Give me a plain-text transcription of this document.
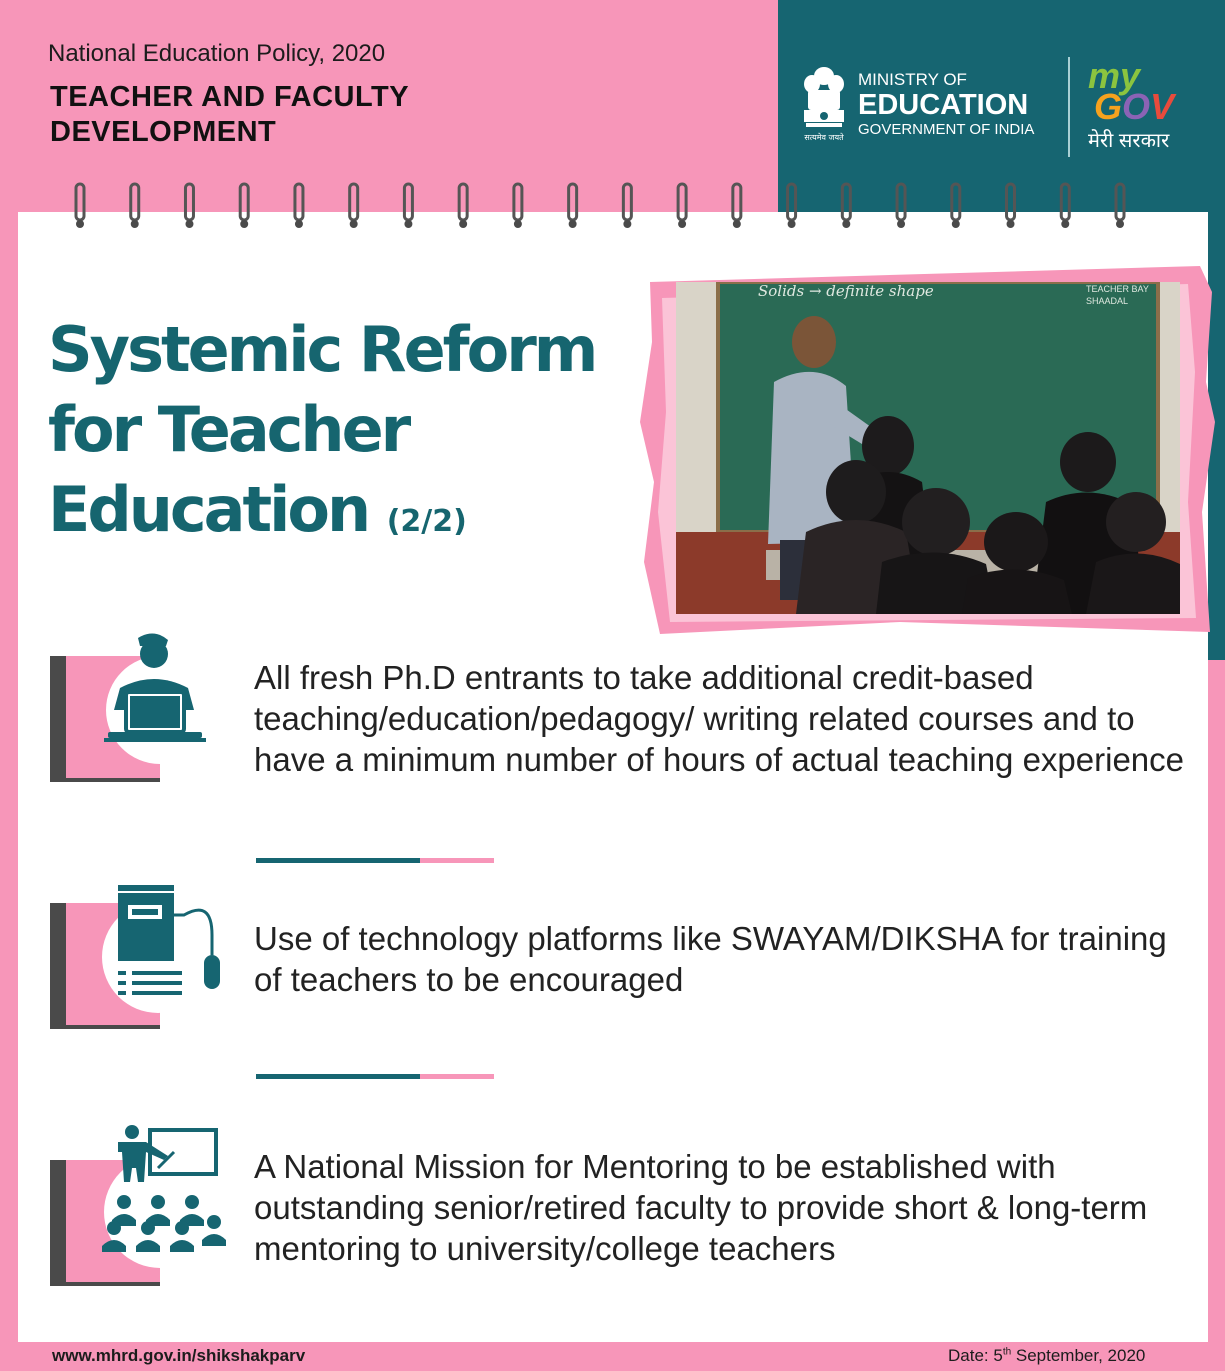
National Education Policy, 2020
TEACHER AND FACULTY
DEVELOPMENT	सत्यमेव जयते
MINISTRY OF
EDUCATION
GOVERNMENT OF INDIA
my
GOV
मेरी सरकार
Systemic Reform
for Teacher
Education (2/2)
Solids → definite shape	TEACHER BAY
SHAADAL
All fresh Ph.D entrants to take additional credit-based teaching/education/pedagogy/ writing related courses and to have a minimum number of hours of actual teaching experience
Use of technology platforms like SWAYAM/DIKSHA for training of teachers to be encouraged
A National Mission for Mentoring to be established with outstanding senior/retired faculty to provide short & long-term mentoring to university/college teachers
www.mhrd.gov.in/shikshakparv	Date: 5th September, 2020
